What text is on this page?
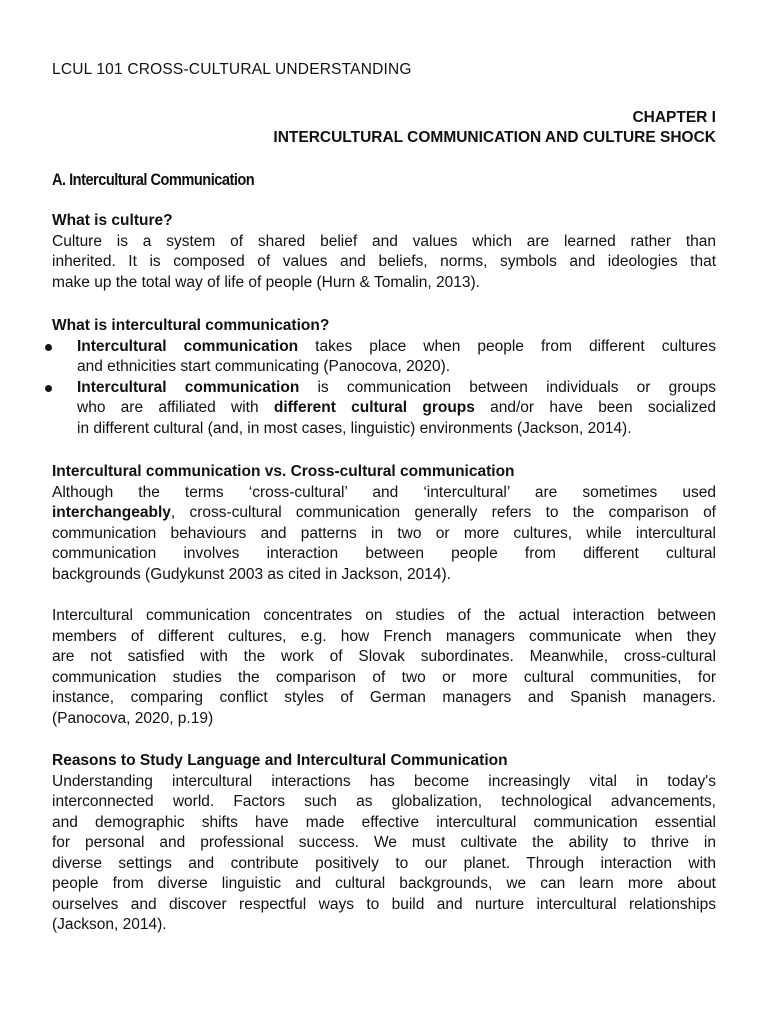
LCUL 101 CROSS-CULTURAL UNDERSTANDING
CHAPTER I
INTERCULTURAL COMMUNICATION AND CULTURE SHOCK
A. Intercultural Communication
What is culture?
Culture is a system of shared belief and values which are learned rather than
inherited. It is composed of values and beliefs, norms, symbols and ideologies that
make up the total way of life of people (Hurn & Tomalin, 2013).
What is intercultural communication?
Intercultural communication takes place when people from different cultures
and ethnicities start communicating (Panocova, 2020).
Intercultural communication is communication between individuals or groups
who are affiliated with different cultural groups and/or have been socialized
in different cultural (and, in most cases, linguistic) environments (Jackson, 2014).
Intercultural communication vs. Cross-cultural communication
Although the terms ‘cross-cultural’ and ‘intercultural’ are sometimes used
interchangeably, cross-cultural communication generally refers to the comparison of
communication behaviours and patterns in two or more cultures, while intercultural
communication involves interaction between people from different cultural
backgrounds (Gudykunst 2003 as cited in Jackson, 2014).
Intercultural communication concentrates on studies of the actual interaction between
members of different cultures, e.g. how French managers communicate when they
are not satisfied with the work of Slovak subordinates. Meanwhile, cross-cultural
communication studies the comparison of two or more cultural communities, for
instance, comparing conflict styles of German managers and Spanish managers.
(Panocova, 2020, p.19)
Reasons to Study Language and Intercultural Communication
Understanding intercultural interactions has become increasingly vital in today's
interconnected world. Factors such as globalization, technological advancements,
and demographic shifts have made effective intercultural communication essential
for personal and professional success. We must cultivate the ability to thrive in
diverse settings and contribute positively to our planet. Through interaction with
people from diverse linguistic and cultural backgrounds, we can learn more about
ourselves and discover respectful ways to build and nurture intercultural relationships
(Jackson, 2014).
